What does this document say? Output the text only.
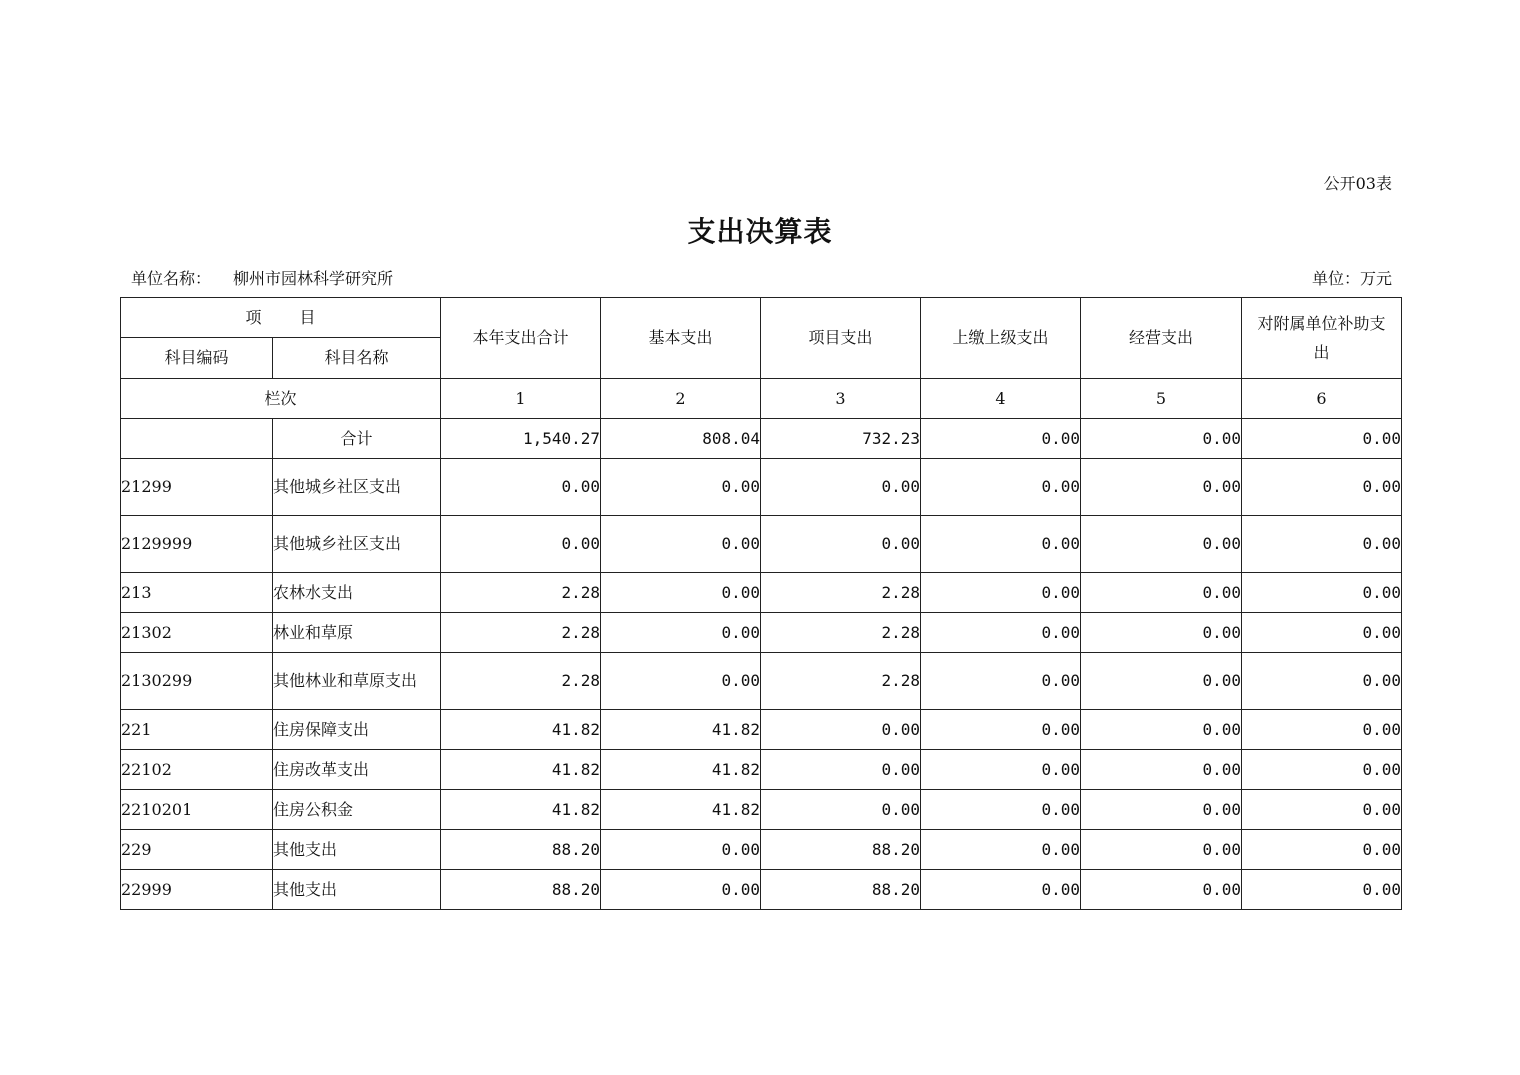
公开03表
支出决算表
单位名称： 柳州市园林科学研究所	单位：万元
项 目		本年支出合计	基本支出	项目支出	上缴上级支出	经营支出	对附属单位补助支出
科目编码	科目名称						
栏次		1	2	3	4	5	6
	合计	1,540.27	808.04	732.23	0.00	0.00	0.00
21299	其他城乡社区支出	0.00	0.00	0.00	0.00	0.00	0.00
2129999	其他城乡社区支出	0.00	0.00	0.00	0.00	0.00	0.00
213	农林水支出	2.28	0.00	2.28	0.00	0.00	0.00
21302	林业和草原	2.28	0.00	2.28	0.00	0.00	0.00
2130299	其他林业和草原支出	2.28	0.00	2.28	0.00	0.00	0.00
221	住房保障支出	41.82	41.82	0.00	0.00	0.00	0.00
22102	住房改革支出	41.82	41.82	0.00	0.00	0.00	0.00
2210201	住房公积金	41.82	41.82	0.00	0.00	0.00	0.00
229	其他支出	88.20	0.00	88.20	0.00	0.00	0.00
22999	其他支出	88.20	0.00	88.20	0.00	0.00	0.00
